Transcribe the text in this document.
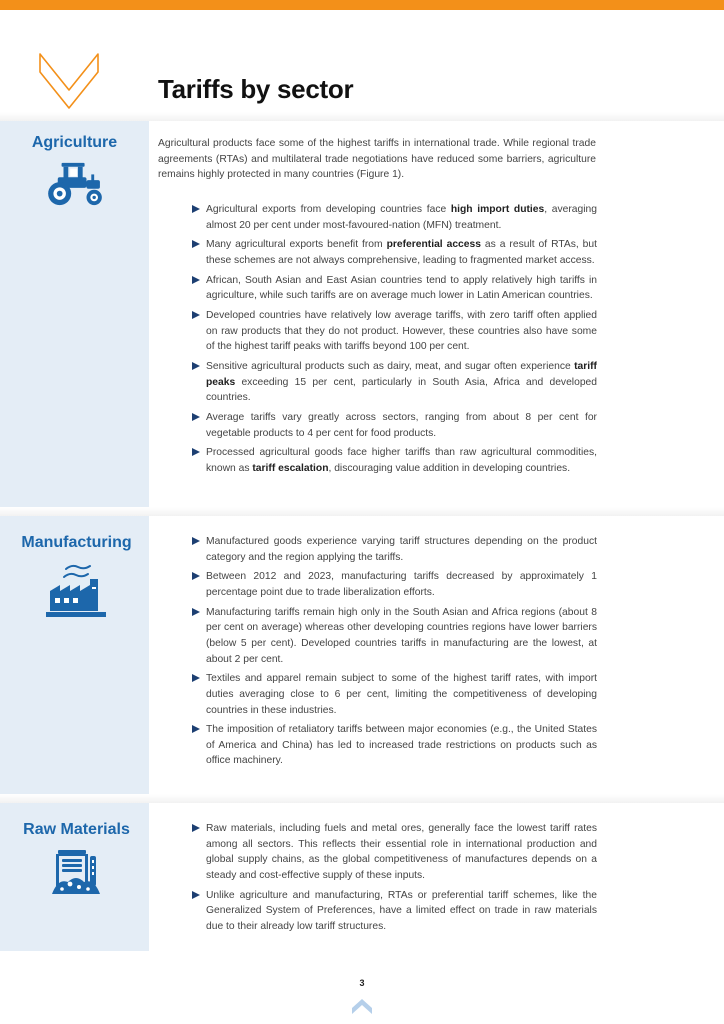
Tariffs by sector
Agriculture	Agricultural products face some of the highest tariffs in international trade. While regional trade agreements (RTAs) and multilateral trade negotiations have reduced some barriers, agriculture remains highly protected in many countries (Figure 1).

Agricultural exports from developing countries face high import duties, averaging almost 20 per cent under most-favoured-nation (MFN) treatment.
Many agricultural exports benefit from preferential access as a result of RTAs, but these schemes are not always comprehensive, leading to fragmented market access.
African, South Asian and East Asian countries tend to apply relatively high tariffs in agriculture, while such tariffs are on average much lower in Latin American countries.
Developed countries have relatively low average tariffs, with zero tariff often applied on raw products that they do not product. However, these countries also have some of the highest tariff peaks with tariffs beyond 100 per cent.
Sensitive agricultural products such as dairy, meat, and sugar often experience tariff peaks exceeding 15 per cent, particularly in South Asia, Africa and developed countries.
Average tariffs vary greatly across sectors, ranging from about 8 per cent for vegetable products to 4 per cent for food products.
Processed agricultural goods face higher tariffs than raw agricultural commodities, known as tariff escalation, discouraging value addition in developing countries.
Manufacturing	Manufactured goods experience varying tariff structures depending on the product category and the region applying the tariffs.
Between 2012 and 2023, manufacturing tariffs decreased by approximately 1 percentage point due to trade liberalization efforts.
Manufacturing tariffs remain high only in the South Asian and Africa regions (about 8 per cent on average) whereas other developing countries regions have lower barriers (below 5 per cent). Developed countries tariffs in manufacturing are the lowest, at about 2 per cent.
Textiles and apparel remain subject to some of the highest tariff rates, with import duties averaging close to 6 per cent, limiting the competitiveness of developing countries in these industries.
The imposition of retaliatory tariffs between major economies (e.g., the United States of America and China) has led to increased trade restrictions on products such as office machinery.
Raw Materials	Raw materials, including fuels and metal ores, generally face the lowest tariff rates among all sectors. This reflects their essential role in international production and global supply chains, as the global competitiveness of manufactures depends on a steady and cost-effective supply of these inputs.
Unlike agriculture and manufacturing, RTAs or preferential tariff schemes, like the Generalized System of Preferences, have a limited effect on trade in raw materials due to their already low tariff structures.
3
